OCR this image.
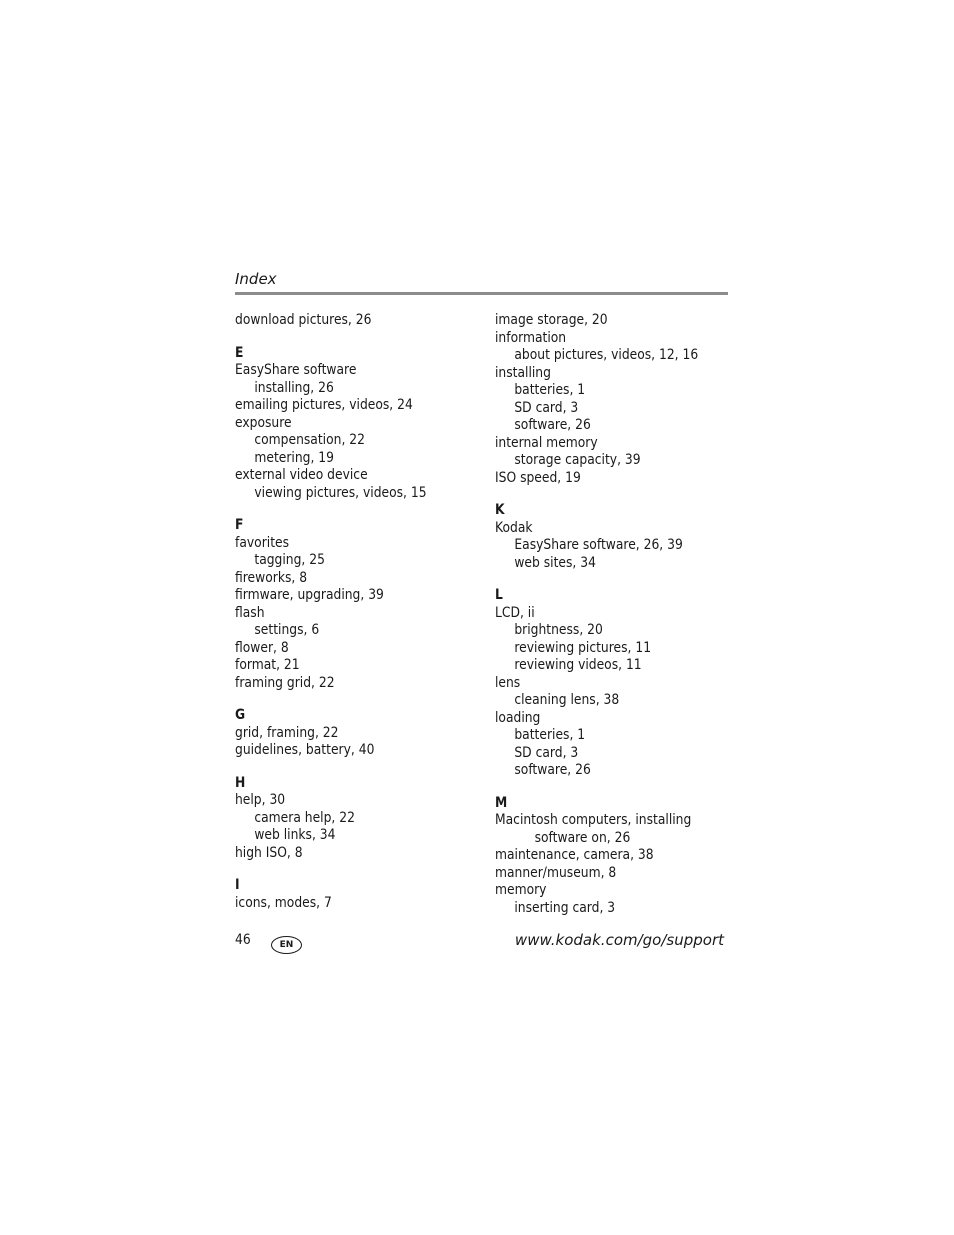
Index
download pictures, 26
E
EasyShare software
installing, 26
emailing pictures, videos, 24
exposure
compensation, 22
metering, 19
external video device
viewing pictures, videos, 15
F
favorites
tagging, 25
fireworks, 8
firmware, upgrading, 39
flash
settings, 6
flower, 8
format, 21
framing grid, 22
G
grid, framing, 22
guidelines, battery, 40
H
help, 30
camera help, 22
web links, 34
high ISO, 8
I
icons, modes, 7
image storage, 20
information
about pictures, videos, 12, 16
installing
batteries, 1
SD card, 3
software, 26
internal memory
storage capacity, 39
ISO speed, 19
K
Kodak
EasyShare software, 26, 39
web sites, 34
L
LCD, ii
brightness, 20
reviewing pictures, 11
reviewing videos, 11
lens
cleaning lens, 38
loading
batteries, 1
SD card, 3
software, 26
M
Macintosh computers, installing
software on, 26
maintenance, camera, 38
manner/museum, 8
memory
inserting card, 3
46	EN	www.kodak.com/go/support
